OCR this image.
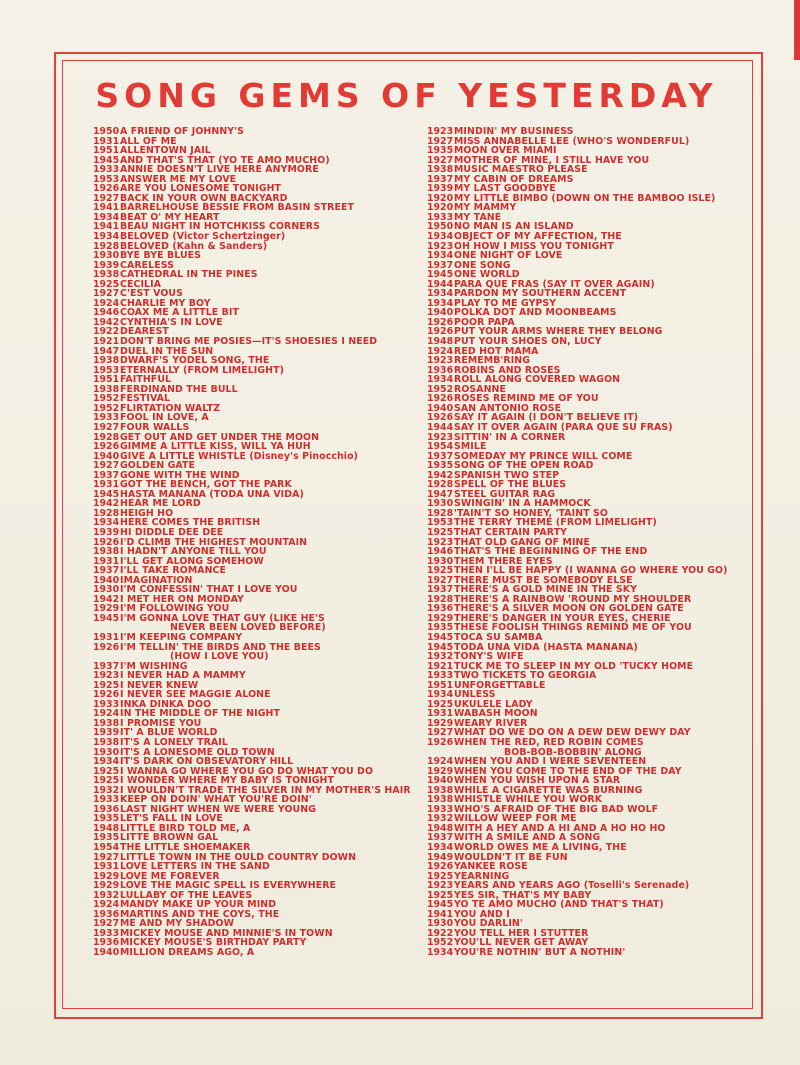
SONG GEMS OF YESTERDAY
1950 A FRIEND OF JOHNNY'S
1931 ALL OF ME
1951 ALLENTOWN JAIL
1945 AND THAT'S THAT (YO TE AMO MUCHO)
1933 ANNIE DOESN'T LIVE HERE ANYMORE
1953 ANSWER ME MY LOVE
1926 ARE YOU LONESOME TONIGHT
1927 BACK IN YOUR OWN BACKYARD
1941 BARRELHOUSE BESSIE FROM BASIN STREET
1934 BEAT O' MY HEART
1941 BEAU NIGHT IN HOTCHKISS CORNERS
1934 BELOVED (Victor Schertzinger)
1928 BELOVED (Kahn & Sanders)
1930 BYE BYE BLUES
1939 CARELESS
1938 CATHEDRAL IN THE PINES
1925 CECILIA
1927 C'EST VOUS
1924 CHARLIE MY BOY
1946 COAX ME A LITTLE BIT
1942 CYNTHIA'S IN LOVE
1922 DEAREST
1921 DON'T BRING ME POSIES—IT'S SHOESIES I NEED
1947 DUEL IN THE SUN
1938 DWARF'S YODEL SONG, THE
1953 ETERNALLY (FROM LIMELIGHT)
1951 FAITHFUL
1938 FERDINAND THE BULL
1952 FESTIVAL
1952 FLIRTATION WALTZ
1933 FOOL IN LOVE, A
1927 FOUR WALLS
1928 GET OUT AND GET UNDER THE MOON
1926 GIMME A LITTLE KISS, WILL YA HUH
1940 GIVE A LITTLE WHISTLE (Disney's Pinocchio)
1927 GOLDEN GATE
1937 GONE WITH THE WIND
1931 GOT THE BENCH, GOT THE PARK
1945 HASTA MANANA (TODA UNA VIDA)
1942 HEAR ME LORD
1928 HEIGH HO
1934 HERE COMES THE BRITISH
1939 HI DIDDLE DEE DEE
1926 I'D CLIMB THE HIGHEST MOUNTAIN
1938 I HADN'T ANYONE TILL YOU
1931 I'LL GET ALONG SOMEHOW
1937 I'LL TAKE ROMANCE
1940 IMAGINATION
1930 I'M CONFESSIN' THAT I LOVE YOU
1942 I MET HER ON MONDAY
1929 I'M FOLLOWING YOU
1945 I'M GONNA LOVE THAT GUY (LIKE HE'S
NEVER BEEN LOVED BEFORE)
1931 I'M KEEPING COMPANY
1926 I'M TELLIN' THE BIRDS AND THE BEES
(HOW I LOVE YOU)
1937 I'M WISHING
1923 I NEVER HAD A MAMMY
1925 I NEVER KNEW
1926 I NEVER SEE MAGGIE ALONE
1933 INKA DINKA DOO
1924 IN THE MIDDLE OF THE NIGHT
1938 I PROMISE YOU
1939 IT' A BLUE WORLD
1938 IT'S A LONELY TRAIL
1930 IT'S A LONESOME OLD TOWN
1934 IT'S DARK ON OBSEVATORY HILL
1925 I WANNA GO WHERE YOU GO DO WHAT YOU DO
1925 I WONDER WHERE MY BABY IS TONIGHT
1932 I WOULDN'T TRADE THE SILVER IN MY MOTHER'S HAIR
1933 KEEP ON DOIN' WHAT YOU'RE DOIN'
1936 LAST NIGHT WHEN WE WERE YOUNG
1935 LET'S FALL IN LOVE
1948 LITTLE BIRD TOLD ME, A
1935 LITTE BROWN GAL
1954 THE LITTLE SHOEMAKER
1927 LITTLE TOWN IN THE OULD COUNTRY DOWN
1931 LOVE LETTERS IN THE SAND
1929 LOVE ME FOREVER
1929 LOVE THE MAGIC SPELL IS EVERYWHERE
1932 LULLABY OF THE LEAVES
1924 MANDY MAKE UP YOUR MIND
1936 MARTINS AND THE COYS, THE
1927 ME AND MY SHADOW
1933 MICKEY MOUSE AND MINNIE'S IN TOWN
1936 MICKEY MOUSE'S BIRTHDAY PARTY
1940 MILLION DREAMS AGO, A
1923 MINDIN' MY BUSINESS
1927 MISS ANNABELLE LEE (WHO'S WONDERFUL)
1935 MOON OVER MIAMI
1927 MOTHER OF MINE, I STILL HAVE YOU
1938 MUSIC MAESTRO PLEASE
1937 MY CABIN OF DREAMS
1939 MY LAST GOODBYE
1920 MY LITTLE BIMBO (DOWN ON THE BAMBOO ISLE)
1920 MY MAMMY
1933 MY TANE
1950 NO MAN IS AN ISLAND
1934 OBJECT OF MY AFFECTION, THE
1923 OH HOW I MISS YOU TONIGHT
1934 ONE NIGHT OF LOVE
1937 ONE SONG
1945 ONE WORLD
1944 PARA QUE FRAS (SAY IT OVER AGAIN)
1934 PARDON MY SOUTHERN ACCENT
1934 PLAY TO ME GYPSY
1940 POLKA DOT AND MOONBEAMS
1926 POOR PAPA
1926 PUT YOUR ARMS WHERE THEY BELONG
1948 PUT YOUR SHOES ON, LUCY
1924 RED HOT MAMA
1923 REMEMB'RING
1936 ROBINS AND ROSES
1934 ROLL ALONG COVERED WAGON
1952 ROSANNE
1926 ROSES REMIND ME OF YOU
1940 SAN ANTONIO ROSE
1926 SAY IT AGAIN (I DON'T BELIEVE IT)
1944 SAY IT OVER AGAIN (PARA QUE SU FRAS)
1923 SITTIN' IN A CORNER
1954 SMILE
1937 SOMEDAY MY PRINCE WILL COME
1935 SONG OF THE OPEN ROAD
1942 SPANISH TWO STEP
1928 SPELL OF THE BLUES
1947 STEEL GUITAR RAG
1930 SWINGIN' IN A HAMMOCK
1928 'TAIN'T SO HONEY, 'TAINT SO
1953 THE TERRY THEME (FROM LIMELIGHT)
1925 THAT CERTAIN PARTY
1923 THAT OLD GANG OF MINE
1946 THAT'S THE BEGINNING OF THE END
1930 THEM THERE EYES
1925 THEN I'LL BE HAPPY (I WANNA GO WHERE YOU GO)
1927 THERE MUST BE SOMEBODY ELSE
1937 THERE'S A GOLD MINE IN THE SKY
1928 THERE'S A RAINBOW 'ROUND MY SHOULDER
1936 THERE'S A SILVER MOON ON GOLDEN GATE
1929 THERE'S DANGER IN YOUR EYES, CHERIE
1935 THESE FOOLISH THINGS REMIND ME OF YOU
1945 TOCA SU SAMBA
1945 TODA UNA VIDA (HASTA MANANA)
1932 TONY'S WIFE
1921 TUCK ME TO SLEEP IN MY OLD 'TUCKY HOME
1933 TWO TICKETS TO GEORGIA
1951 UNFORGETTABLE
1934 UNLESS
1925 UKULELE LADY
1931 WABASH MOON
1929 WEARY RIVER
1927 WHAT DO WE DO ON A DEW DEW DEWY DAY
1926 WHEN THE RED, RED ROBIN COMES
BOB-BOB-BOBBIN' ALONG
1924 WHEN YOU AND I WERE SEVENTEEN
1929 WHEN YOU COME TO THE END OF THE DAY
1940 WHEN YOU WISH UPON A STAR
1938 WHILE A CIGARETTE WAS BURNING
1938 WHISTLE WHILE YOU WORK
1933 WHO'S AFRAID OF THE BIG BAD WOLF
1932 WILLOW WEEP FOR ME
1948 WITH A HEY AND A HI AND A HO HO HO
1937 WITH A SMILE AND A SONG
1934 WORLD OWES ME A LIVING, THE
1949 WOULDN'T IT BE FUN
1926 YANKEE ROSE
1925 YEARNING
1923 YEARS AND YEARS AGO (Toselli's Serenade)
1925 YES SIR, THAT'S MY BABY
1945 YO TE AMO MUCHO (AND THAT'S THAT)
1941 YOU AND I
1930 YOU DARLIN'
1922 YOU TELL HER I STUTTER
1952 YOU'LL NEVER GET AWAY
1934 YOU'RE NOTHIN' BUT A NOTHIN'
